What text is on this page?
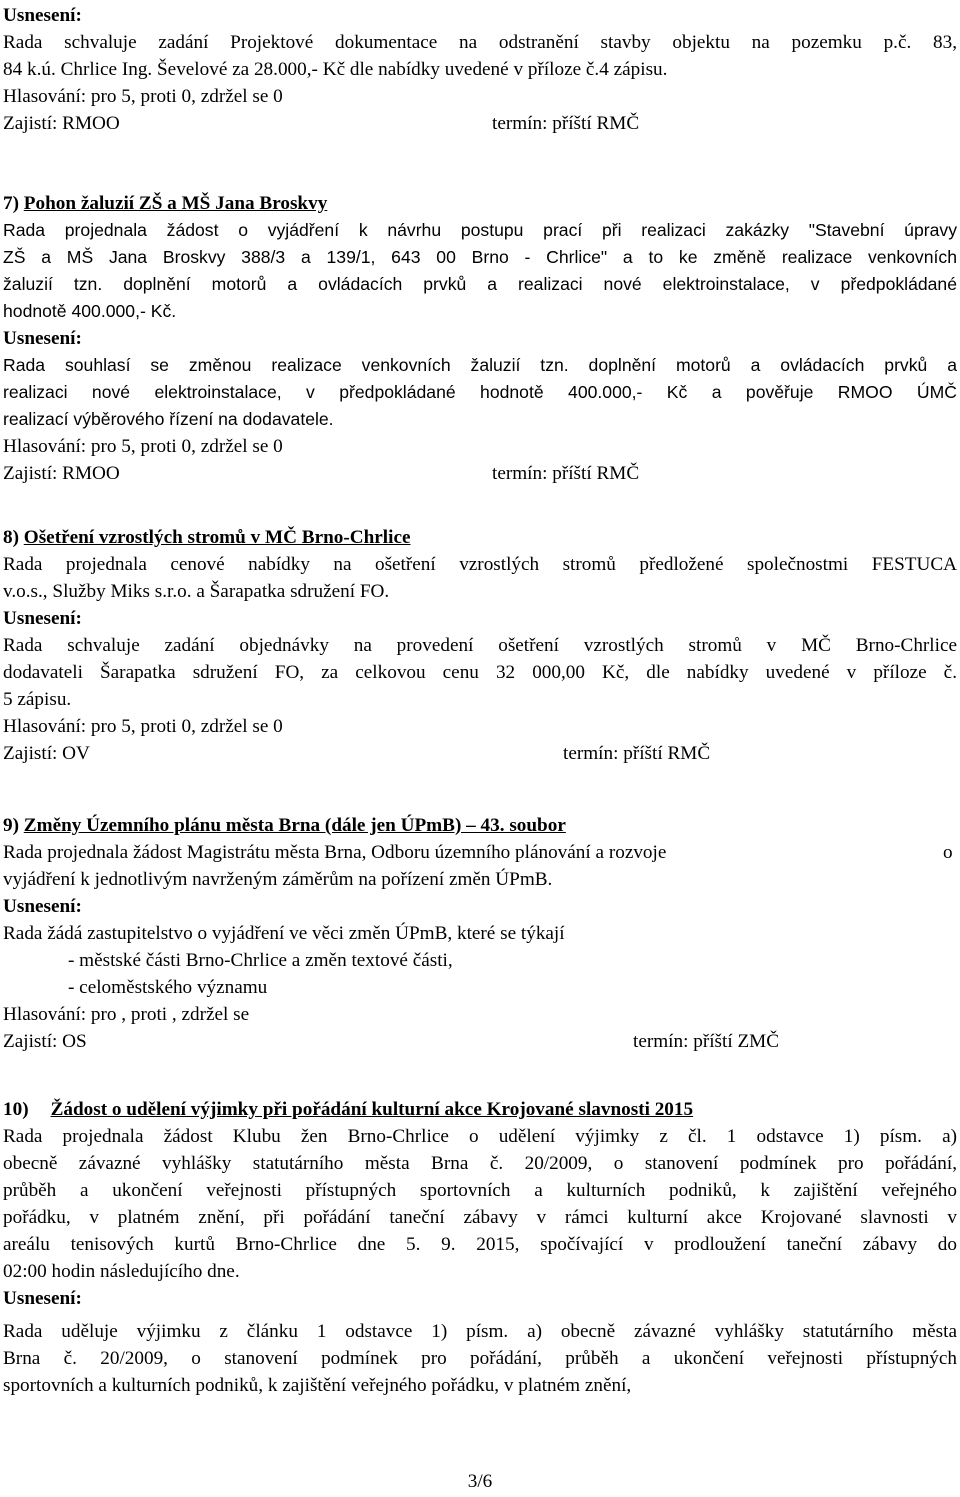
Usnesení:
Rada schvaluje zadání Projektové dokumentace na odstranění stavby objektu na pozemku p.č. 83,
84 k.ú. Chrlice Ing. Ševelové za 28.000,- Kč dle nabídky uvedené v příloze č.4 zápisu.
Hlasování: pro 5, proti 0, zdržel se 0
Zajistí: RMOO	termín: příští RMČ
7) Pohon žaluzií ZŠ a MŠ Jana Broskvy
Rada projednala žádost o vyjádření k návrhu postupu prací při realizaci zakázky "Stavební úpravy
ZŠ a MŠ Jana Broskvy 388/3 a 139/1, 643 00 Brno - Chrlice" a to ke změně realizace venkovních
žaluzií tzn. doplnění motorů a ovládacích prvků a realizaci nové elektroinstalace, v předpokládané
hodnotě 400.000,- Kč.
Usnesení:
Rada souhlasí se změnou realizace venkovních žaluzií tzn. doplnění motorů a ovládacích prvků a
realizaci nové elektroinstalace, v předpokládané hodnotě 400.000,- Kč a pověřuje RMOO ÚMČ
realizací výběrového řízení na dodavatele.
Hlasování: pro 5, proti 0, zdržel se 0
Zajistí: RMOO	termín: příští RMČ
8) Ošetření vzrostlých stromů v MČ Brno-Chrlice
Rada projednala cenové nabídky na ošetření vzrostlých stromů předložené společnostmi FESTUCA
v.o.s., Služby Miks s.r.o. a Šarapatka sdružení FO.
Usnesení:
Rada schvaluje zadání objednávky na provedení ošetření vzrostlých stromů v MČ Brno-Chrlice
dodavateli Šarapatka sdružení FO, za celkovou cenu 32 000,00 Kč, dle nabídky uvedené v příloze č.
5 zápisu.
Hlasování: pro 5, proti 0, zdržel se 0
Zajistí: OV	termín: příští RMČ
9) Změny Územního plánu města Brna (dále jen ÚPmB) – 43. soubor
Rada projednala žádost Magistrátu města Brna, Odboru územního plánování a rozvoje	o
vyjádření k jednotlivým navrženým záměrům na pořízení změn ÚPmB.
Usnesení:
Rada žádá zastupitelstvo o vyjádření ve věci změn ÚPmB, které se týkají
- městské části Brno-Chrlice a změn textové části,
- celoměstského významu
Hlasování: pro , proti , zdržel se
Zajistí: OS	termín: příští ZMČ
10) Žádost o udělení výjimky při pořádání kulturní akce Krojované slavnosti 2015
Rada projednala žádost Klubu žen Brno-Chrlice o udělení výjimky z čl. 1 odstavce 1) písm. a)
obecně závazné vyhlášky statutárního města Brna č. 20/2009, o stanovení podmínek pro pořádání,
průběh a ukončení veřejnosti přístupných sportovních a kulturních podniků, k zajištění veřejného
pořádku, v platném znění, při pořádání taneční zábavy v rámci kulturní akce Krojované slavnosti v
areálu tenisových kurtů Brno-Chrlice dne 5. 9. 2015, spočívající v prodloužení taneční zábavy do
02:00 hodin následujícího dne.
Usnesení:
Rada uděluje výjimku z článku 1 odstavce 1) písm. a) obecně závazné vyhlášky statutárního města
Brna č. 20/2009, o stanovení podmínek pro pořádání, průběh a ukončení veřejnosti přístupných
sportovních a kulturních podniků, k zajištění veřejného pořádku, v platném znění,
3/6
